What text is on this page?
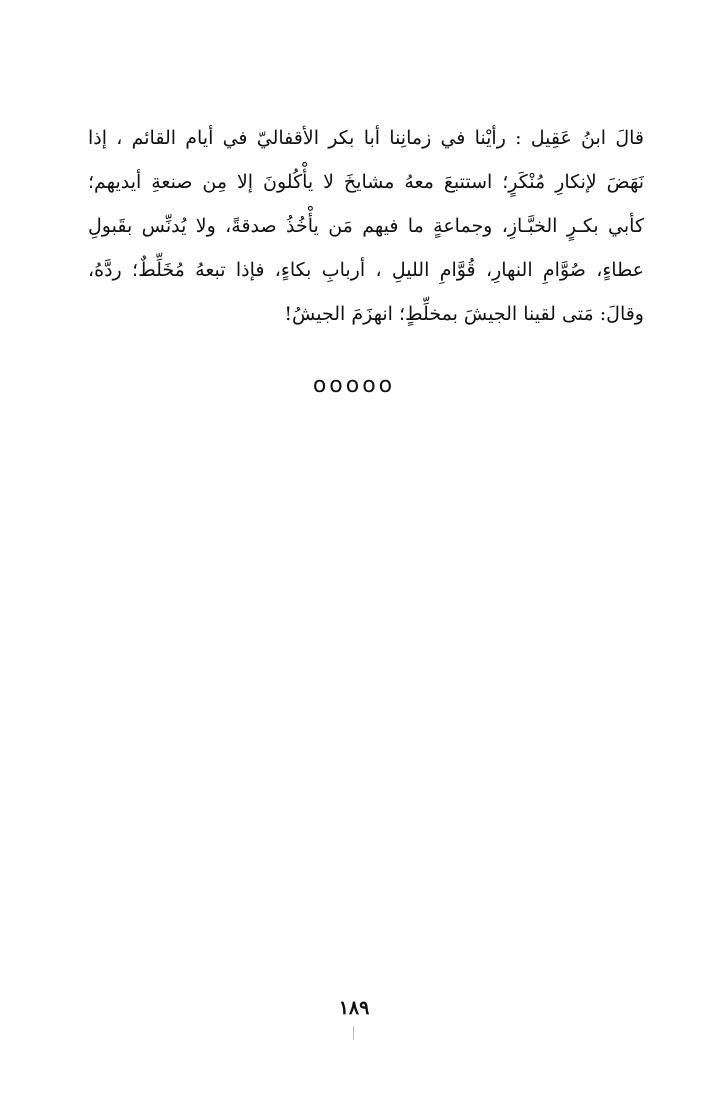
قالَ ابنُ عَقِيل : رأيْنا في زمانِنا أبا بكر الأقفاليّ في أيام القائم ، إذا
نَهَضَ لإنكارِ مُنْكَرٍ؛ استتبعَ معهُ مشايخَ لا يأْكُلونَ إلا مِن صنعةِ أيديهم؛
كأبي بكـرٍ الخبَّـازِ، وجماعةٍ ما فيهم مَن يأْخُذُ صدقةً، ولا يُدنِّس بقَبولِ
عطاءٍ، صُوَّامِ النهارِ، قُوَّامِ الليلِ ، أربابِ بكاءٍ، فإذا تبعهُ مُخَلِّطٌ؛ ردَّهُ،
وقالَ: مَتى لقينا الجيشَ بمخلِّطٍ؛ انهزَمَ الجيشُ!
ooooo
١٨٩
